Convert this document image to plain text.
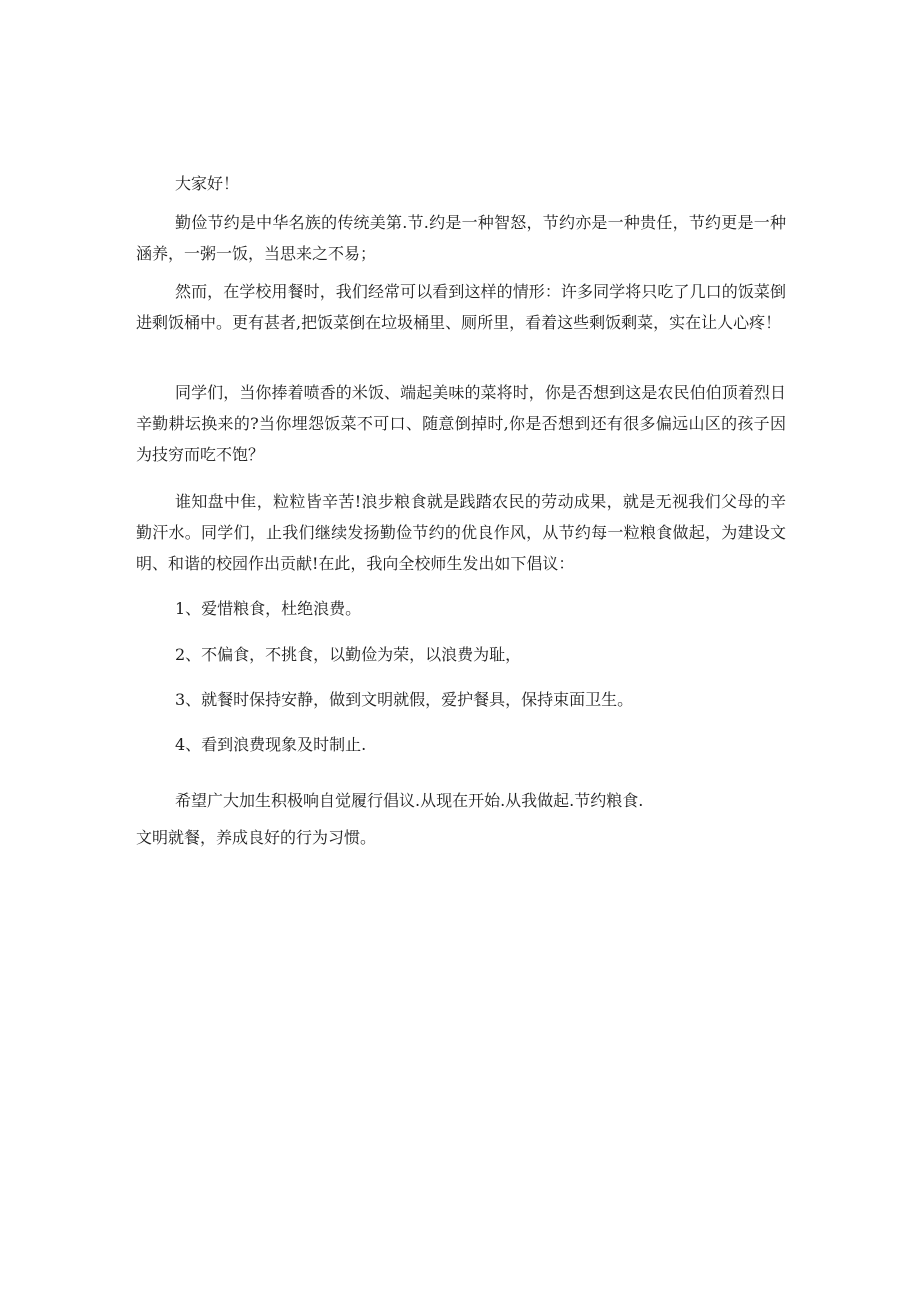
大家好！

勤俭节约是中华名族的传统美第.节.约是一种智怒，节约亦是一种贵任，节约更是一种涵养，一粥一饭，当思来之不易；

然而，在学校用餐时，我们经常可以看到这样的情形：许多同学将只吃了几口的饭菜倒进剩饭桶中。更有甚者,把饭菜倒在垃圾桶里、厕所里，看着这些剩饭剩菜，实在让人心疼！

同学们，当你捧着喷香的米饭、端起美味的菜将时，你是否想到这是农民伯伯顶着烈日辛勤耕坛换来的?当你埋怨饭菜不可口、随意倒掉时,你是否想到还有很多偏远山区的孩子因为技穷而吃不饱？

谁知盘中隹，粒粒皆辛苦!浪步粮食就是践踏农民的劳动成果，就是无视我们父母的辛勤汗水。同学们，止我们继续发扬勤俭节约的优良作风，从节约每一粒粮食做起，为建设文明、和谐的校园作出贡献!在此，我向全校师生发出如下倡议：

1、爱惜粮食，杜绝浪费。

2、不偏食，不挑食，以勤俭为荣，以浪费为耻，

3、就餐时保持安静，做到文明就假，爱护餐具，保持束面卫生。

4、看到浪费现象及时制止.

希望广大加生积极响自觉履行倡议.从现在开始.从我做起.节约粮食.

文明就餐，养成良好的行为习惯。
